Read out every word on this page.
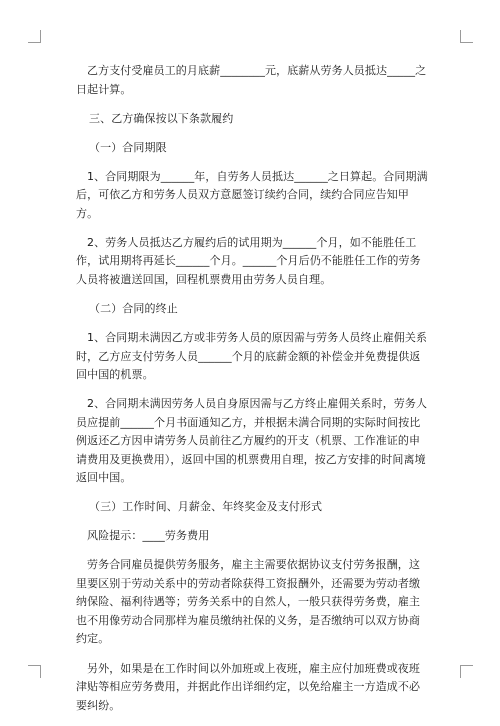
乙方支付受雇员工的月底薪________元，底薪从劳务人员抵达_____之日起计算。

三、乙方确保按以下条款履约

（一）合同期限

1、合同期限为______年，自劳务人员抵达______之日算起。合同期满后，可依乙方和劳务人员双方意愿签订续约合同，续约合同应告知甲方。

2、劳务人员抵达乙方履约后的试用期为______个月，如不能胜任工作，试用期将再延长______个月。______个月后仍不能胜任工作的劳务人员将被遣送回国，回程机票费用由劳务人员自理。

（二）合同的终止

1、合同期未满因乙方或非劳务人员的原因需与劳务人员终止雇佣关系时，乙方应支付劳务人员______个月的底薪金额的补偿金并免费提供返回中国的机票。

2、合同期未满因劳务人员自身原因需与乙方终止雇佣关系时，劳务人员应提前______个月书面通知乙方，并根据未满合同期的实际时间按比例返还乙方因申请劳务人员前往乙方履约的开支（机票、工作准证的申请费用及更换费用），返回中国的机票费用自理，按乙方安排的时间离境返回中国。

（三）工作时间、月薪金、年终奖金及支付形式

风险提示：____劳务费用

劳务合同雇员提供劳务服务，雇主主需要依据协议支付劳务报酬，这里要区别于劳动关系中的劳动者除获得工资报酬外，还需要为劳动者缴纳保险、福利待遇等；劳务关系中的自然人，一般只获得劳务费，雇主也不用像劳动合同那样为雇员缴纳社保的义务，是否缴纳可以双方协商约定。

另外，如果是在工作时间以外加班或上夜班，雇主应付加班费或夜班津贴等相应劳务费用，并据此作出详细约定，以免给雇主一方造成不必要纠纷。
